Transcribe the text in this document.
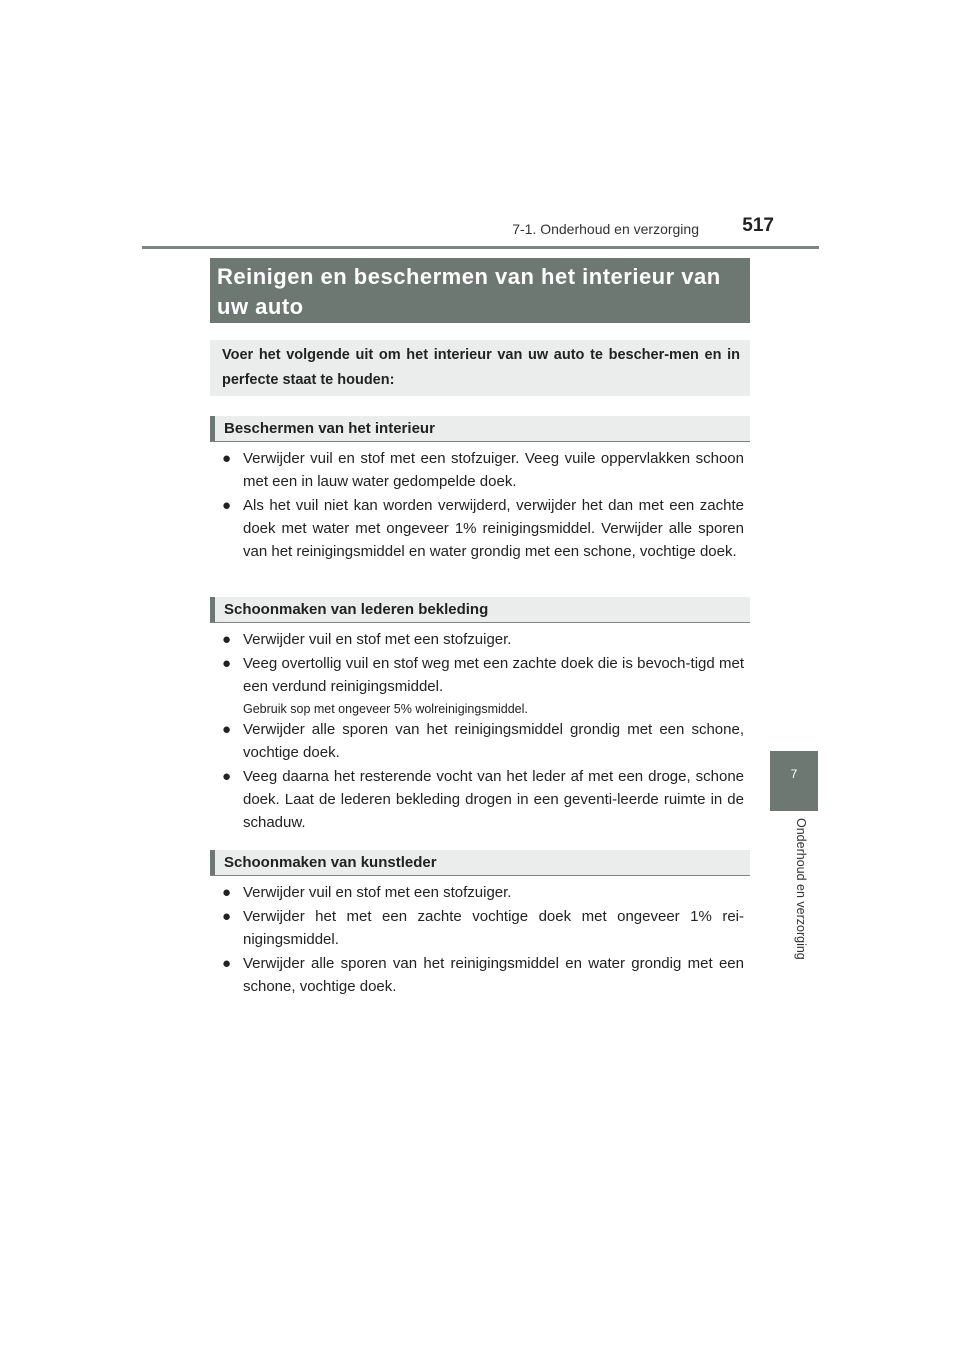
7-1. Onderhoud en verzorging 517
7
Onderhoud en verzorging
Reinigen en beschermen van het interieur van uw auto
Voer het volgende uit om het interieur van uw auto te bescher-men en in perfecte staat te houden:
Beschermen van het interieur
● Verwijder vuil en stof met een stofzuiger. Veeg vuile oppervlakken schoon met een in lauw water gedompelde doek.
● Als het vuil niet kan worden verwijderd, verwijder het dan met een zachte doek met water met ongeveer 1% reinigingsmiddel. Verwijder alle sporen van het reinigingsmiddel en water grondig met een schone, vochtige doek.
Schoonmaken van lederen bekleding
● Verwijder vuil en stof met een stofzuiger.
● Veeg overtollig vuil en stof weg met een zachte doek die is bevoch-tigd met een verdund reinigingsmiddel.
Gebruik sop met ongeveer 5% wolreinigingsmiddel.
● Verwijder alle sporen van het reinigingsmiddel grondig met een schone, vochtige doek.
● Veeg daarna het resterende vocht van het leder af met een droge, schone doek. Laat de lederen bekleding drogen in een geventi-leerde ruimte in de schaduw.
Schoonmaken van kunstleder
● Verwijder vuil en stof met een stofzuiger.
● Verwijder het met een zachte vochtige doek met ongeveer 1% rei-nigingsmiddel.
● Verwijder alle sporen van het reinigingsmiddel en water grondig met een schone, vochtige doek.
